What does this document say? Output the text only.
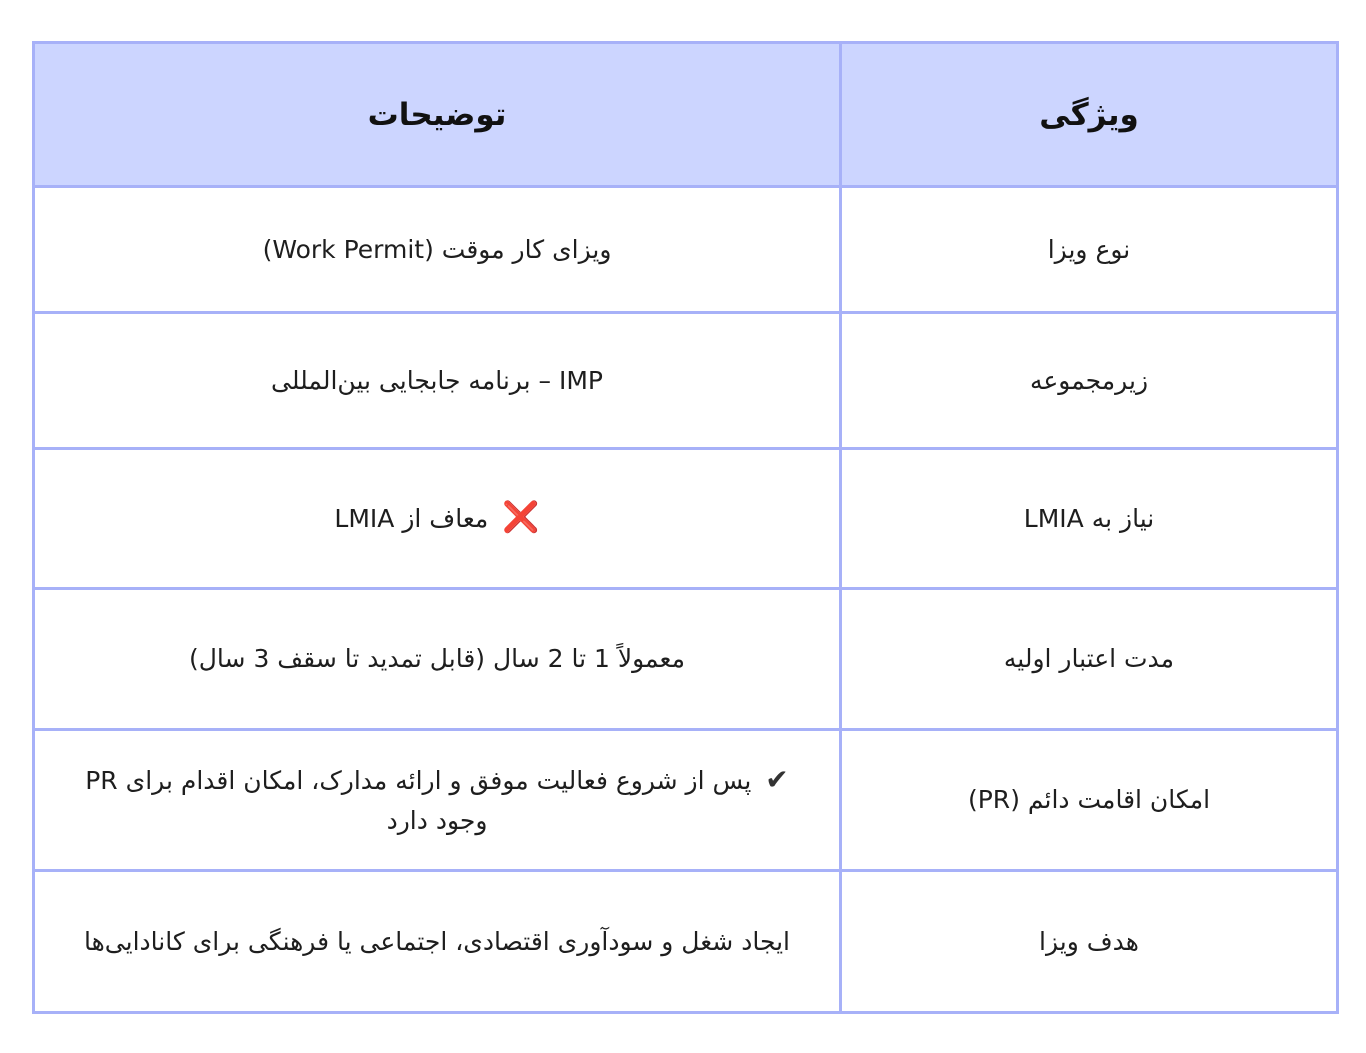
ویژگی	توضیحات
نوع ویزا	ویزای کار موقت (Work Permit)
زیرمجموعه	IMP – برنامه جابجایی بین‌المللی
نیاز به LMIA	❌ معاف از LMIA
مدت اعتبار اولیه	معمولاً 1 تا 2 سال (قابل تمدید تا سقف 3 سال)
امکان اقامت دائم (PR)	✔ پس از شروع فعالیت موفق و ارائه مدارک، امکان اقدام برای PR وجود دارد
هدف ویزا	ایجاد شغل و سودآوری اقتصادی، اجتماعی یا فرهنگی برای کانادایی‌ها
